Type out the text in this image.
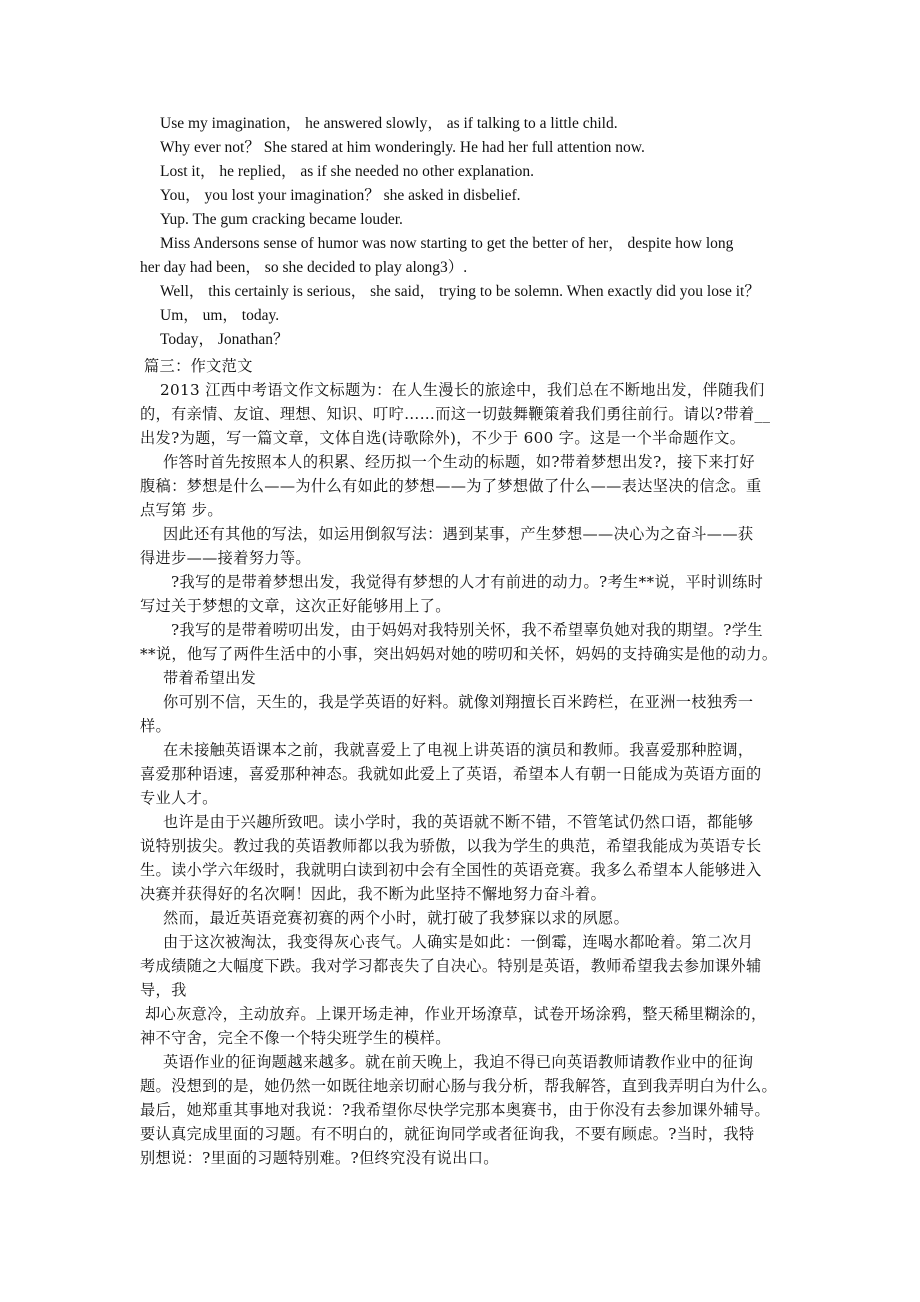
Use my imagination， he answered slowly， as if talking to a little child.
Why ever not？ She stared at him wonderingly. He had her full attention now.
Lost it， he replied， as if she needed no other explanation.
You， you lost your imagination？ she asked in disbelief.
Yup. The gum cracking became louder.
Miss Andersons sense of humor was now starting to get the better of her， despite how long
her day had been， so she decided to play along3）.
Well， this certainly is serious， she said， trying to be solemn. When exactly did you lose it？
Um， um， today.
Today， Jonathan？
篇三：作文范文
2013 江西中考语文作文标题为：在人生漫长的旅途中，我们总在不断地出发，伴随我们
的，有亲情、友谊、理想、知识、叮咛……而这一切鼓舞鞭策着我们勇往前行。请以?带着__
出发?为题，写一篇文章，文体自选(诗歌除外)，不少于 600 字。这是一个半命题作文。
作答时首先按照本人的积累、经历拟一个生动的标题，如?带着梦想出发?，接下来打好
腹稿：梦想是什么——为什么有如此的梦想——为了梦想做了什么——表达坚决的信念。重
点写第 步。
因此还有其他的写法，如运用倒叙写法：遇到某事，产生梦想——决心为之奋斗——获
得进步——接着努力等。
?我写的是带着梦想出发，我觉得有梦想的人才有前进的动力。?考生**说，平时训练时
写过关于梦想的文章，这次正好能够用上了。
?我写的是带着唠叨出发，由于妈妈对我特别关怀，我不希望辜负她对我的期望。?学生
**说，他写了两件生活中的小事，突出妈妈对她的唠叨和关怀，妈妈的支持确实是他的动力。
带着希望出发
你可别不信，天生的，我是学英语的好料。就像刘翔擅长百米跨栏，在亚洲一枝独秀一
样。
在未接触英语课本之前，我就喜爱上了电视上讲英语的演员和教师。我喜爱那种腔调，
喜爱那种语速，喜爱那种神态。我就如此爱上了英语，希望本人有朝一日能成为英语方面的
专业人才。
也许是由于兴趣所致吧。读小学时，我的英语就不断不错，不管笔试仍然口语，都能够
说特别拔尖。教过我的英语教师都以我为骄傲，以我为学生的典范，希望我能成为英语专长
生。读小学六年级时，我就明白读到初中会有全国性的英语竞赛。我多么希望本人能够进入
决赛并获得好的名次啊！因此，我不断为此坚持不懈地努力奋斗着。
然而，最近英语竞赛初赛的两个小时，就打破了我梦寐以求的夙愿。
由于这次被淘汰，我变得灰心丧气。人确实是如此：一倒霉，连喝水都呛着。第二次月
考成绩随之大幅度下跌。我对学习都丧失了自决心。特别是英语，教师希望我去参加课外辅
导，我
却心灰意冷，主动放弃。上课开场走神，作业开场潦草，试卷开场涂鸦，整天稀里糊涂的，
神不守舍，完全不像一个特尖班学生的模样。
英语作业的征询题越来越多。就在前天晚上，我迫不得已向英语教师请教作业中的征询
题。没想到的是，她仍然一如既往地亲切耐心肠与我分析，帮我解答，直到我弄明白为什么。
最后，她郑重其事地对我说：?我希望你尽快学完那本奥赛书，由于你没有去参加课外辅导。
要认真完成里面的习题。有不明白的，就征询同学或者征询我，不要有顾虑。?当时，我特
别想说：?里面的习题特别难。?但终究没有说出口。
